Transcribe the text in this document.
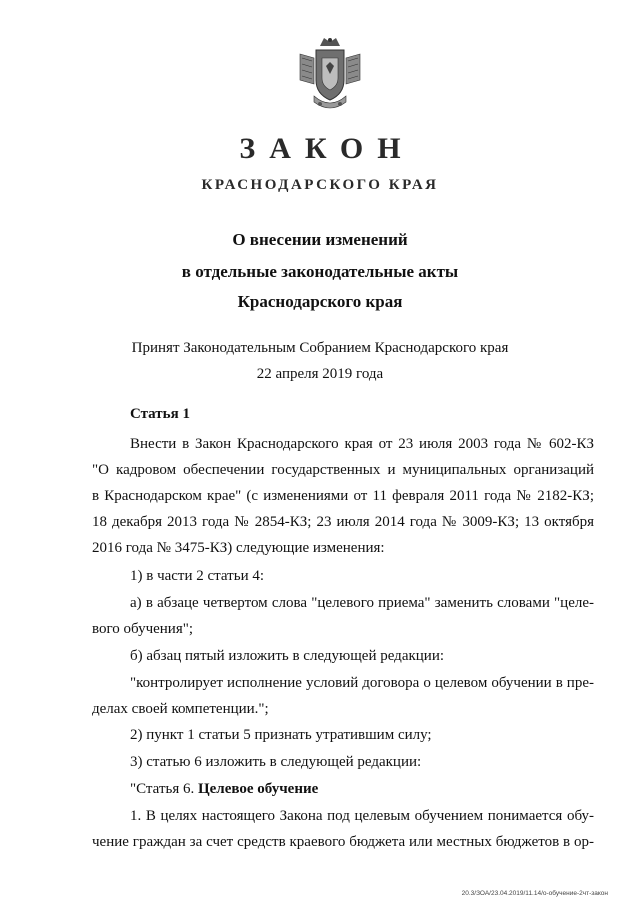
ЗАКОН
КРАСНОДАРСКОГО КРАЯ
О внесении изменений
в отдельные законодательные акты
Краснодарского края
Принят Законодательным Собранием Краснодарского края
22 апреля 2019 года
Статья 1
Внести в Закон Краснодарского края от 23 июля 2003 года № 602-КЗ
"О кадровом обеспечении государственных и муниципальных организаций
в Краснодарском крае" (с изменениями от 11 февраля 2011 года № 2182-КЗ;
18 декабря 2013 года № 2854-КЗ; 23 июля 2014 года № 3009-КЗ; 13 октября
2016 года № 3475-КЗ) следующие изменения:
1) в части 2 статьи 4:
а) в абзаце четвертом слова "целевого приема" заменить словами "целе-
вого обучения";
б) абзац пятый изложить в следующей редакции:
"контролирует исполнение условий договора о целевом обучении в пре-
делах своей компетенции.";
2) пункт 1 статьи 5 признать утратившим силу;
3) статью 6 изложить в следующей редакции:
"Статья 6. Целевое обучение
1. В целях настоящего Закона под целевым обучением понимается обу-
чение граждан за счет средств краевого бюджета или местных бюджетов в ор-
20.3/ЗОА/23.04.2019/11.14/о-обучение-2чт-закон
